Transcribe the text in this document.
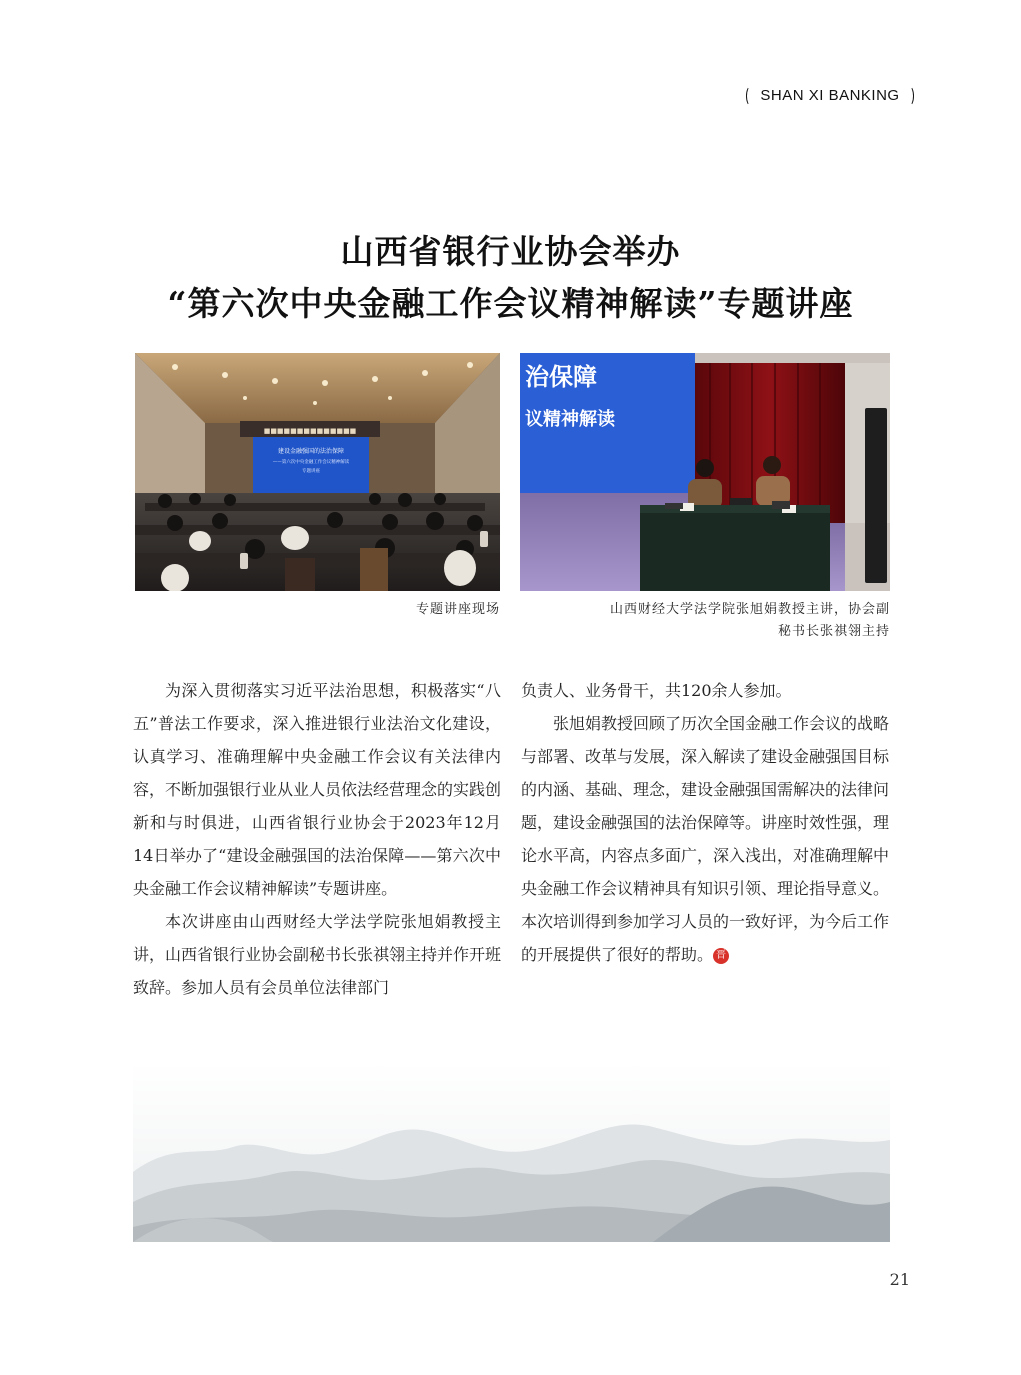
SHAN XI BANKING
山西省银行业协会举办
“第六次中央金融工作会议精神解读”专题讲座
■■■■■■■■■■■■■■
建设金融强国的法治保障
——第六次中央金融工作会议精神解读
专题讲座
治保障
议精神解读

专题讲座现场	山西财经大学法学院张旭娟教授主讲，协会副
秘书长张祺翎主持

为深入贯彻落实习近平法治思想，积极落实“八五”普法工作要求，深入推进银行业法治文化建设，认真学习、准确理解中央金融工作会议有关法律内容，不断加强银行业从业人员依法经营理念的实践创新和与时俱进，山西省银行业协会于2023年12月14日举办了“建设金融强国的法治保障——第六次中央金融工作会议精神解读”专题讲座。

本次讲座由山西财经大学法学院张旭娟教授主讲，山西省银行业协会副秘书长张祺翎主持并作开班致辞。参加人员有会员单位法律部门

负责人、业务骨干，共120余人参加。

张旭娟教授回顾了历次全国金融工作会议的战略与部署、改革与发展，深入解读了建设金融强国目标的内涵、基础、理念，建设金融强国需解决的法律问题，建设金融强国的法治保障等。讲座时效性强，理论水平高，内容点多面广，深入浅出，对准确理解中央金融工作会议精神具有知识引领、理论指导意义。本次培训得到参加学习人员的一致好评，为今后工作的开展提供了很好的帮助。 晋

21
